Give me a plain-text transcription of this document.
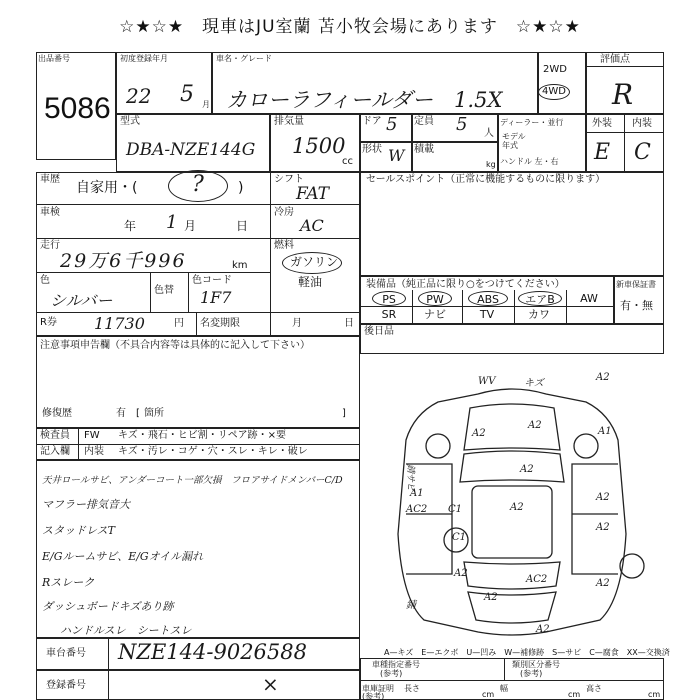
☆★☆★　現車はJU室蘭 苫小牧会場にあります　☆★☆★
出品番号
5086
初度登録年月
22 5 月
車名・グレード
カローラフィールダー　1.5X
2WD
4WD
評価点
R
型式
DBA-NZE144G
排気量
1500
cc
ドア 5 定員 5 人
ディーラー・並行
モデル
年式
ハンドル 左・右
形状 W 積載
kg
外装 内装
E C
車歴
自家用・( ? )
シフト
FAT
車検
年 1 月	日
冷房
AC
走行
29万6千996	km
燃料
ガソリン
軽油
色
シルバー
色替
色コード
1F7
R券 11730	円 名変期限	月	日
セールスポイント（正常に機能するものに限ります）
装備品（純正品に限り○をつけてください）
PS	PW	ABS	エアB	AW
SR	ナビ	TV	カワ
新車保証書
有・無
後日品
注意事項申告欄（不具合内容等は具体的に記入して下さい）
修復歴	有 箇所
[	]
検査員
記入欄
FW キズ・飛石・ヒビ割・リペア跡・×要
内装 キズ・汚レ・コゲ・穴・スレ・キレ・破レ
天井ロールサビ、アンダーコート一部欠損　フロアサイドメンバーC/D
マフラー排気音大
スタッドレスT
E/Gルームサビ、E/Gオイル漏れ
Rスレーク
ダッシュボードキズあり跡
ハンドルスレ　シートスレ
WV	キズ
A2
A2
A2
A2
A1
A1	A2
AC2 C1	A2
C1
A2
AC2
A2
A2
A2
A2
錆
錆サビ
A—キズ　E—エクボ　U—凹み　W—補修跡　S—サビ　C—腐食　XX—交換済
車台番号 NZE144-9026588
登録番号	×
車種指定番号
(参考)
類別区分番号
(参考)
車庫証明 長さ
cm
幅
cm
高さ
cm
(参考)
